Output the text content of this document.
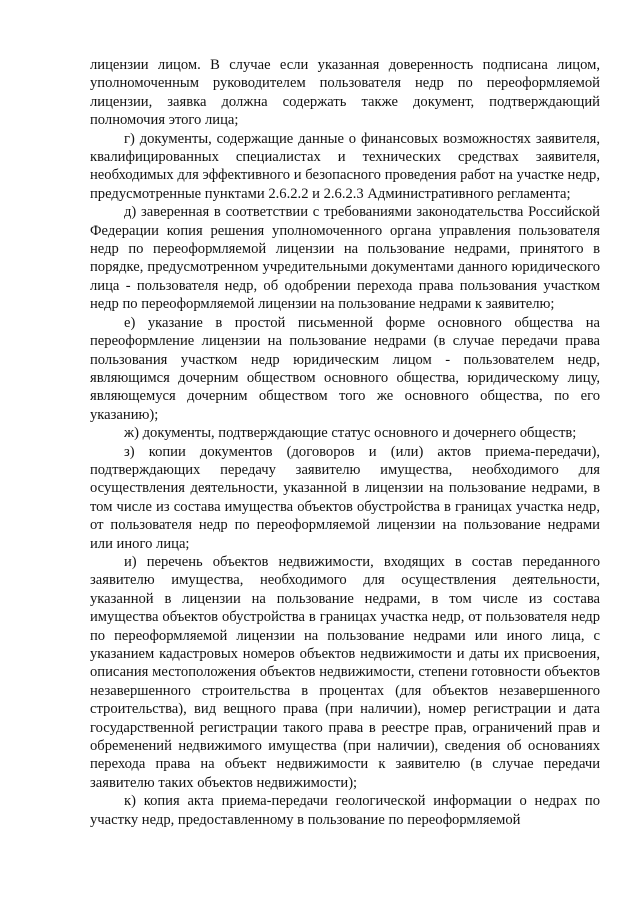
лицензии лицом. В случае если указанная доверенность подписана лицом, уполномоченным руководителем пользователя недр по переоформляемой лицензии, заявка должна содержать также документ, подтверждающий полномочия этого лица;

г) документы, содержащие данные о финансовых возможностях заявителя, квалифицированных специалистах и технических средствах заявителя, необходимых для эффективного и безопасного проведения работ на участке недр, предусмотренные пунктами 2.6.2.2 и 2.6.2.3 Административного регламента;

д) заверенная в соответствии с требованиями законодательства Российской Федерации копия решения уполномоченного органа управления пользователя недр по переоформляемой лицензии на пользование недрами, принятого в порядке, предусмотренном учредительными документами данного юридического лица - пользователя недр, об одобрении перехода права пользования участком недр по переоформляемой лицензии на пользование недрами к заявителю;

е) указание в простой письменной форме основного общества на переоформление лицензии на пользование недрами (в случае передачи права пользования участком недр юридическим лицом - пользователем недр, являющимся дочерним обществом основного общества, юридическому лицу, являющемуся дочерним обществом того же основного общества, по его указанию);

ж) документы, подтверждающие статус основного и дочернего обществ;

з) копии документов (договоров и (или) актов приема-передачи), подтверждающих передачу заявителю имущества, необходимого для осуществления деятельности, указанной в лицензии на пользование недрами, в том числе из состава имущества объектов обустройства в границах участка недр, от пользователя недр по переоформляемой лицензии на пользование недрами или иного лица;

и) перечень объектов недвижимости, входящих в состав переданного заявителю имущества, необходимого для осуществления деятельности, указанной в лицензии на пользование недрами, в том числе из состава имущества объектов обустройства в границах участка недр, от пользователя недр по переоформляемой лицензии на пользование недрами или иного лица, с указанием кадастровых номеров объектов недвижимости и даты их присвоения, описания местоположения объектов недвижимости, степени готовности объектов незавершенного строительства в процентах (для объектов незавершенного строительства), вид вещного права (при наличии), номер регистрации и дата государственной регистрации такого права в реестре прав, ограничений прав и обременений недвижимого имущества (при наличии), сведения об основаниях перехода права на объект недвижимости к заявителю (в случае передачи заявителю таких объектов недвижимости);

к) копия акта приема-передачи геологической информации о недрах по участку недр, предоставленному в пользование по переоформляемой
